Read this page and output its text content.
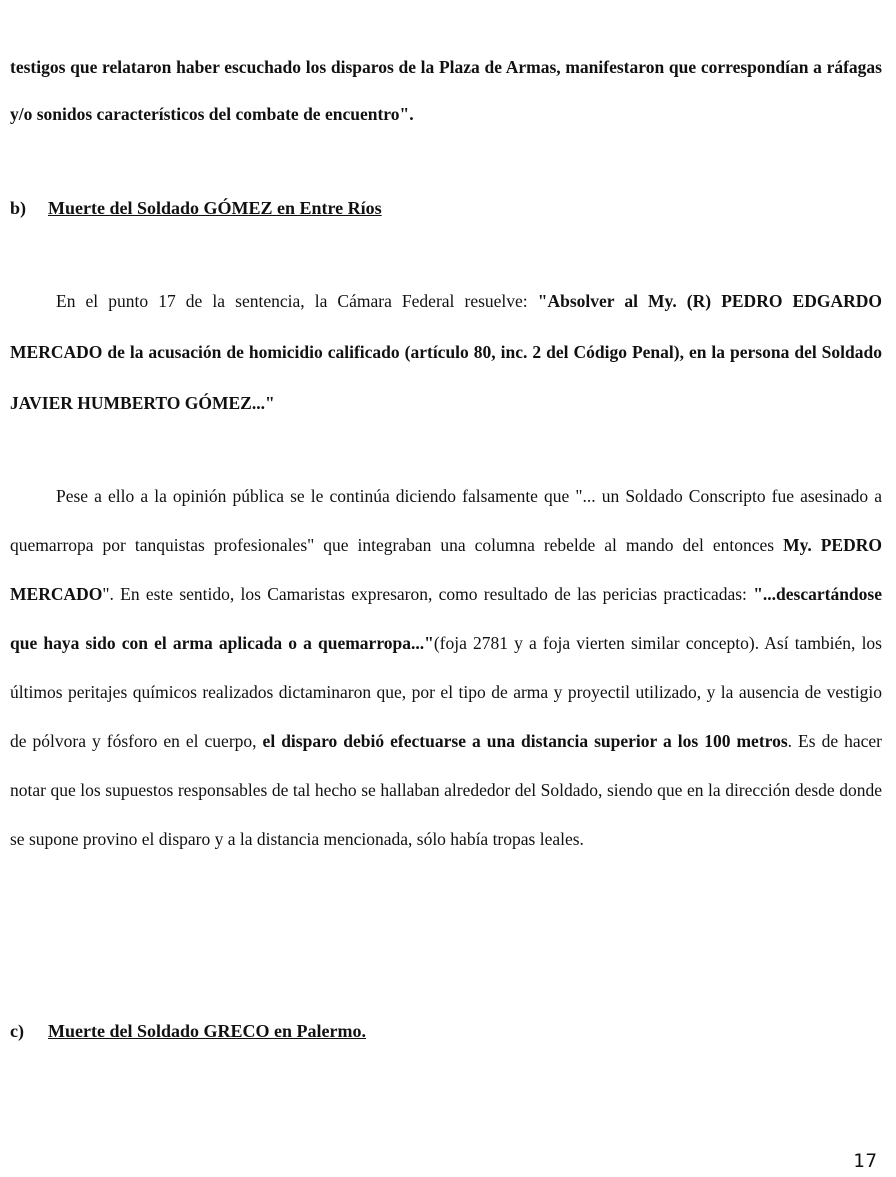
testigos que relataron haber escuchado los disparos de la Plaza de Armas, manifestaron que correspondían a ráfagas y/o sonidos característicos del combate de encuentro".

b) Muerte del Soldado GÓMEZ en Entre Ríos

En el punto 17 de la sentencia, la Cámara Federal resuelve: "Absolver al My. (R) PEDRO EDGARDO MERCADO de la acusación de homicidio calificado (artículo 80, inc. 2 del Código Penal), en la persona del Soldado JAVIER HUMBERTO GÓMEZ..."

Pese a ello a la opinión pública se le continúa diciendo falsamente que "... un Soldado Conscripto fue asesinado a quemarropa por tanquistas profesionales" que integraban una columna rebelde al mando del entonces My. PEDRO MERCADO". En este sentido, los Camaristas expresaron, como resultado de las pericias practicadas: "...descartándose que haya sido con el arma aplicada o a quemarropa..."(foja 2781 y a foja vierten similar concepto). Así también, los últimos peritajes químicos realizados dictaminaron que, por el tipo de arma y proyectil utilizado, y la ausencia de vestigio de pólvora y fósforo en el cuerpo, el disparo debió efectuarse a una distancia superior a los 100 metros. Es de hacer notar que los supuestos responsables de tal hecho se hallaban alrededor del Soldado, siendo que en la dirección desde donde se supone provino el disparo y a la distancia mencionada, sólo había tropas leales.

c) Muerte del Soldado GRECO en Palermo.
17
